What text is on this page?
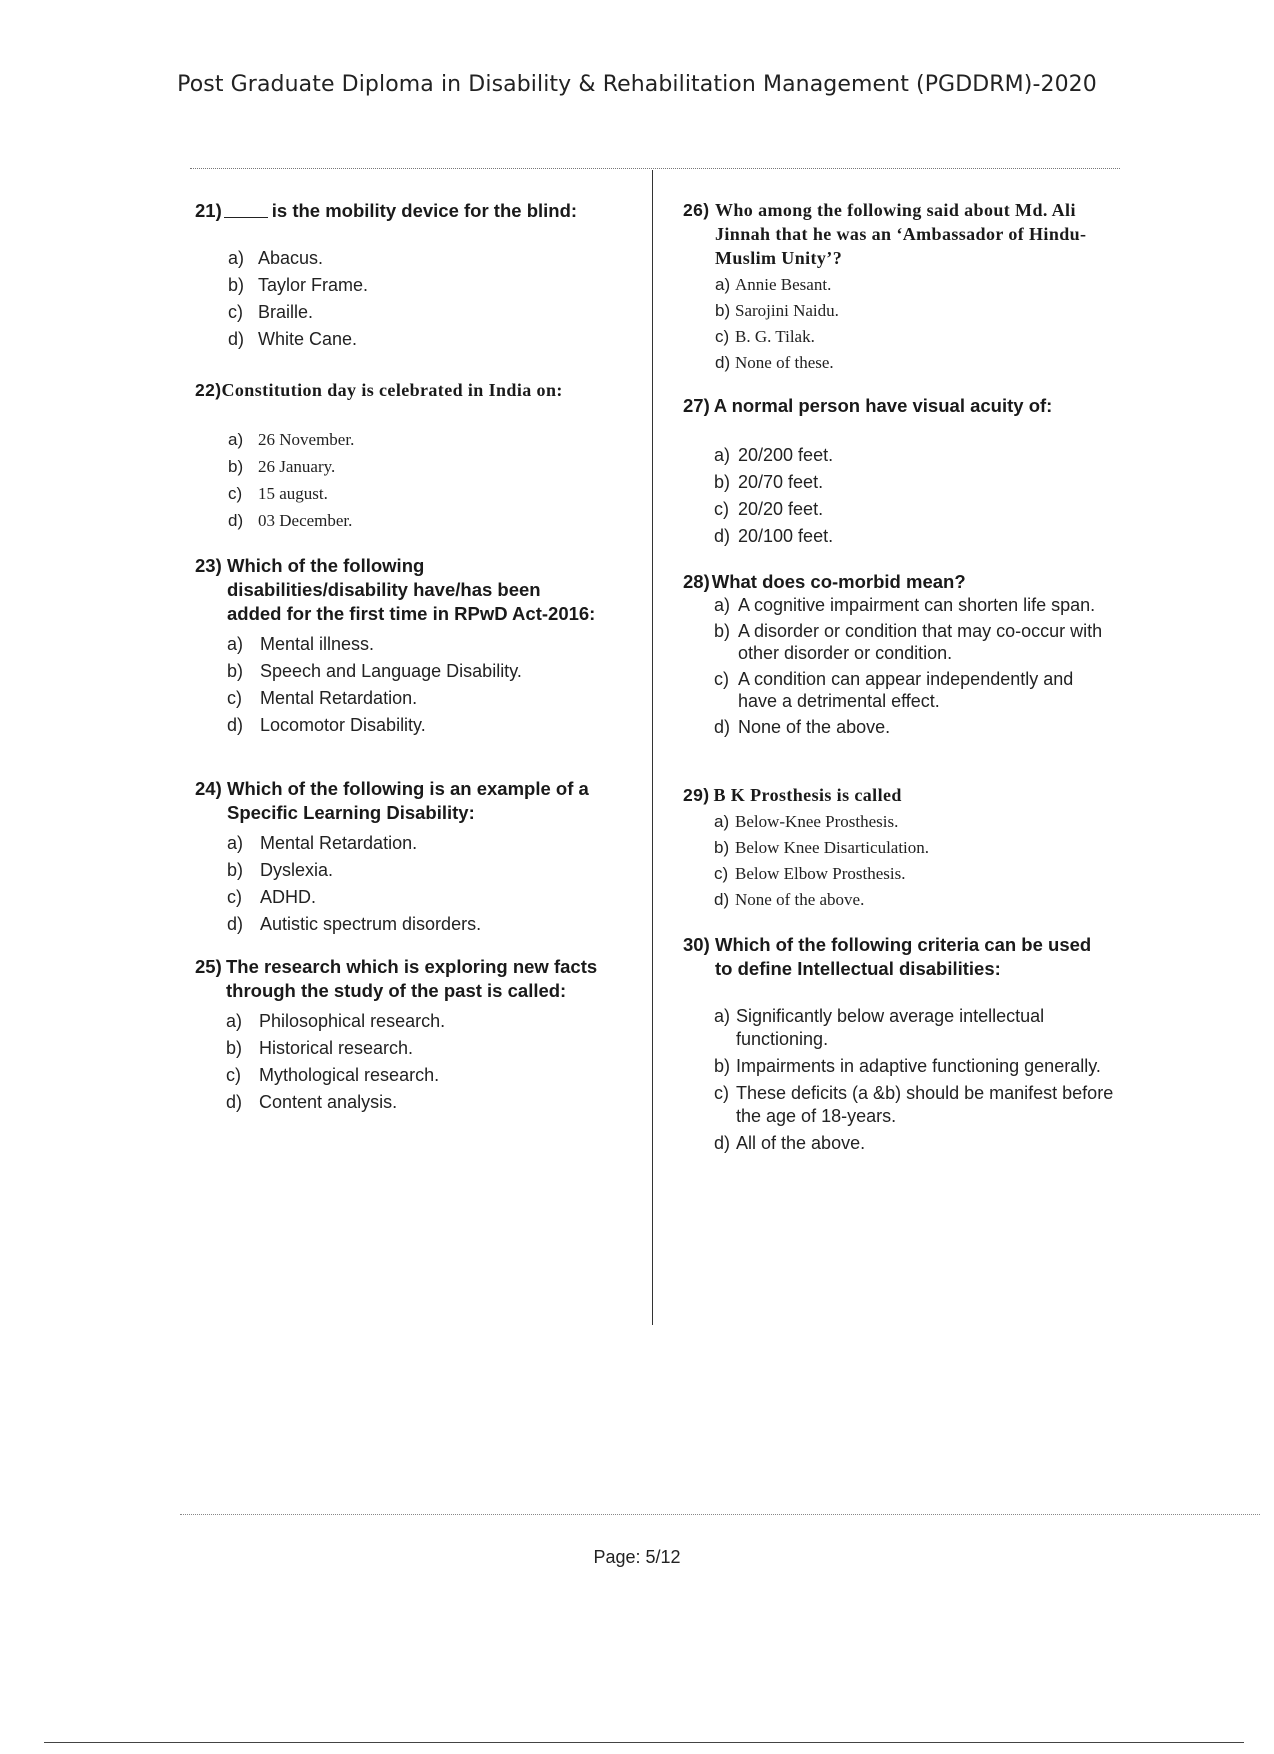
Post Graduate Diploma in Disability & Rehabilitation Management (PGDDRM)-2020
21)	is the mobility device for the blind:
a) Abacus.
b) Taylor Frame.
c) Braille.
d) White Cane.
22) Constitution day is celebrated in India on:
a) 26 November.
b) 26 January.
c) 15 august.
d) 03 December.
23) Which of the following disabilities/disability have/has been added for the first time in RPwD Act-2016:
a) Mental illness.
b) Speech and Language Disability.
c)	Mental Retardation.
d) Locomotor Disability.
24) Which of the following is an example of a Specific Learning Disability:
a) Mental Retardation.
b) Dyslexia.
c)	ADHD.
d) Autistic spectrum disorders.
25) The research which is exploring new facts through the study of the past is called:
a) Philosophical research.
b) Historical research.
c)	Mythological research.
d) Content analysis.
26) Who among the following said about Md. Ali Jinnah that he was an ‘Ambassador of Hindu- Muslim Unity’?
a) Annie Besant.
b) Sarojini Naidu.
c) B. G. Tilak.
d) None of these.
27) A normal person have visual acuity of:
a) 20/200 feet.
b) 20/70 feet.
c) 20/20 feet.
d) 20/100 feet.
28) What does co-morbid mean?
a) A cognitive impairment can shorten life span.
b) A disorder or condition that may co-occur with other disorder or condition.
c) A condition can appear independently and have a detrimental effect.
d) None of the above.
29) B K Prosthesis is called
a) Below-Knee Prosthesis.
b) Below Knee Disarticulation.
c) Below Elbow Prosthesis.
d) None of the above.
30) Which of the following criteria can be used to define Intellectual disabilities:
a) Significantly below average intellectual functioning.
b) Impairments in adaptive functioning generally.
c) These deficits (a &b) should be manifest before the age of 18-years.
d) All of the above.
Page: 5/12
